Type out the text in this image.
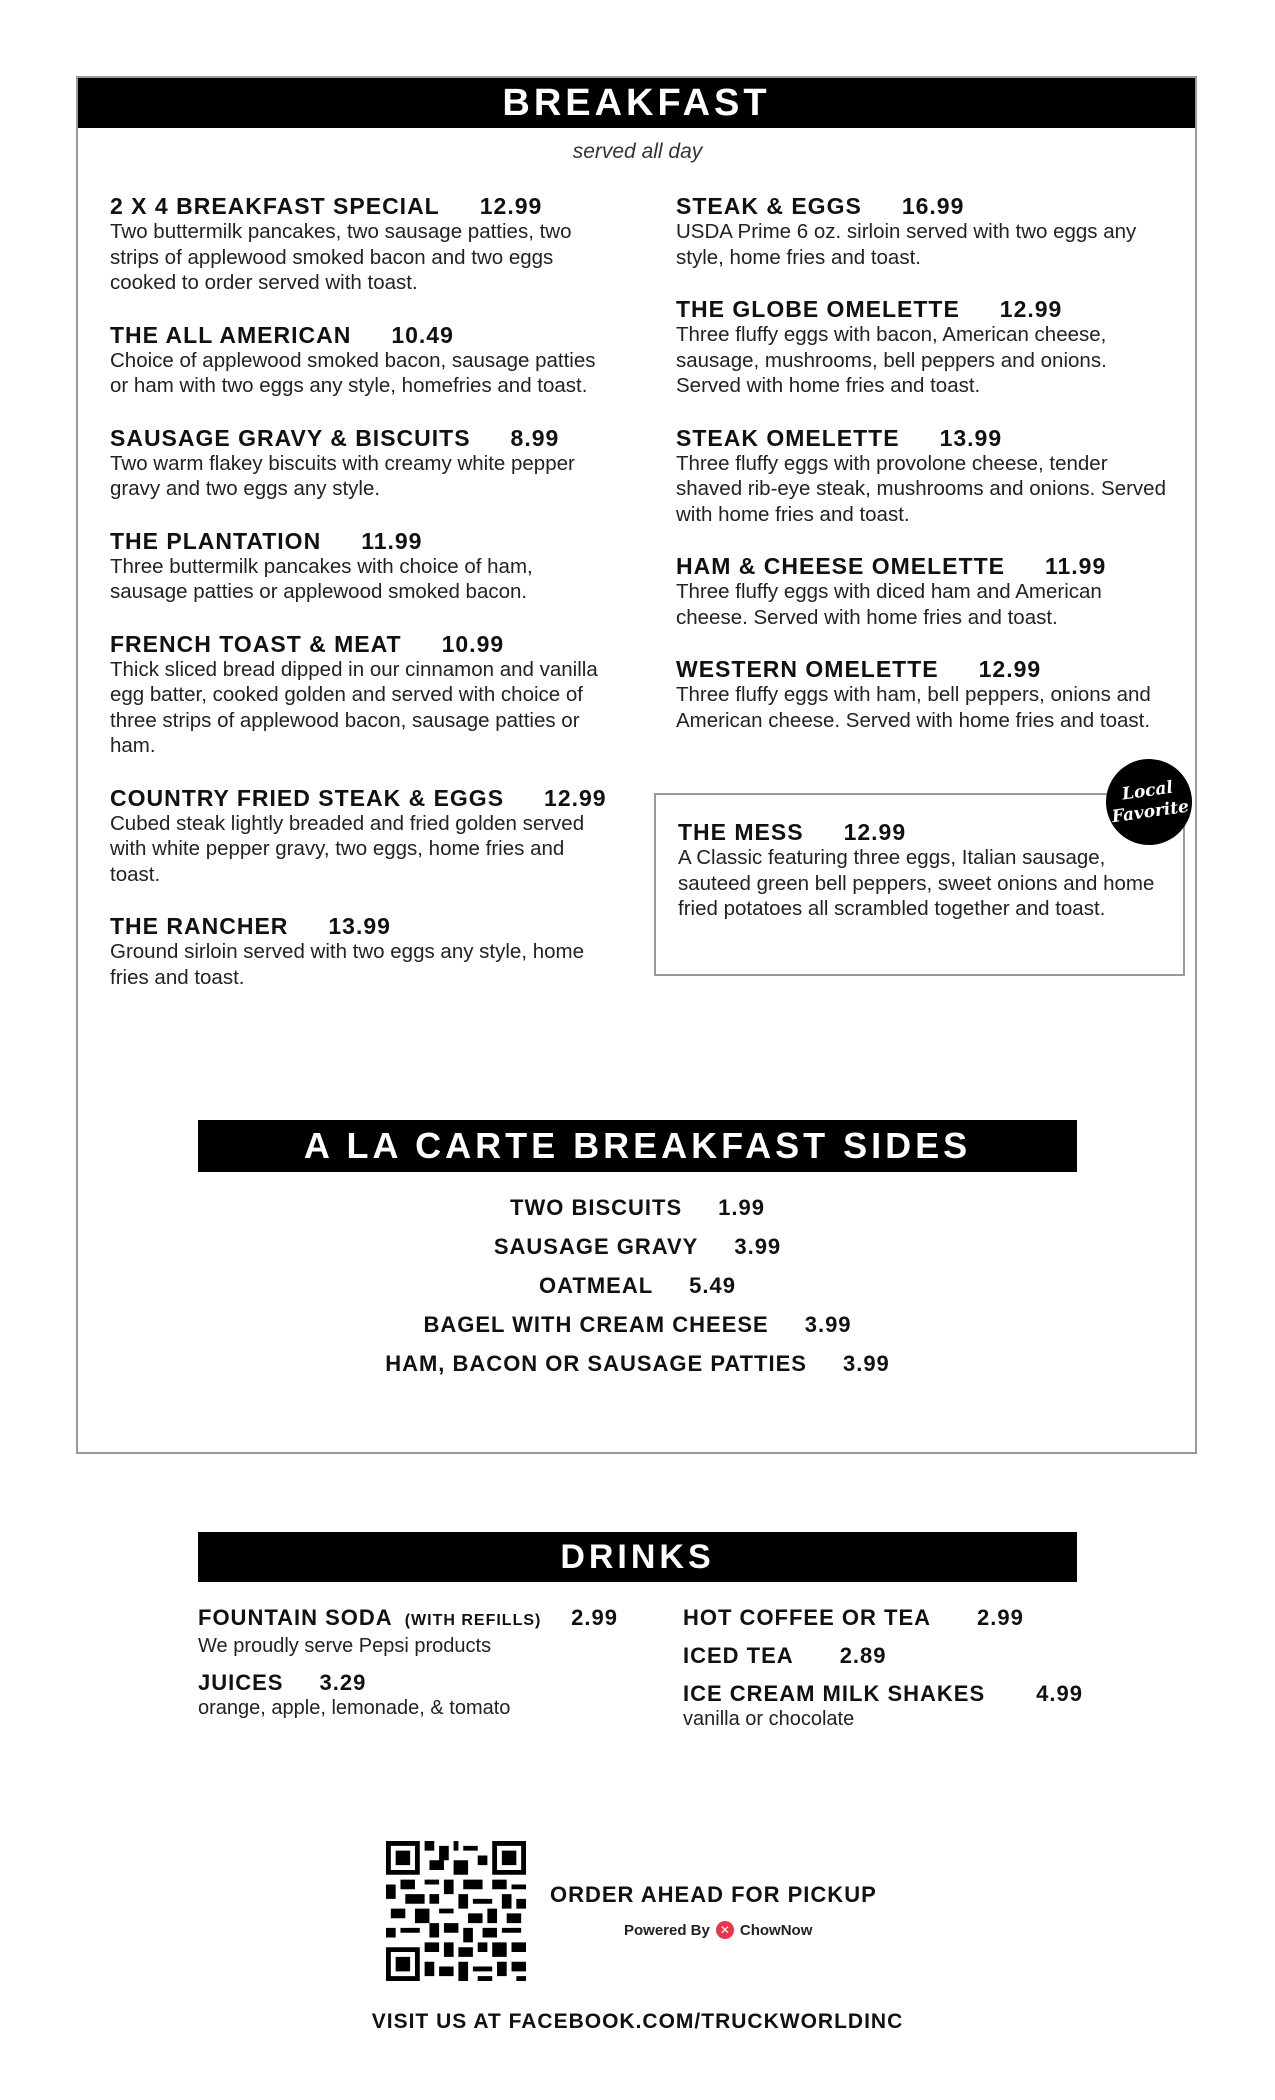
BREAKFAST
served all day
2 X 4 BREAKFAST SPECIAL 12.99
Two buttermilk pancakes, two sausage patties, two strips of applewood smoked bacon and two eggs cooked to order served with toast.
THE ALL AMERICAN 10.49
Choice of applewood smoked bacon, sausage patties or ham with two eggs any style, homefries and toast.
SAUSAGE GRAVY & BISCUITS 8.99
Two warm flakey biscuits with creamy white pepper gravy and two eggs any style.
THE PLANTATION 11.99
Three buttermilk pancakes with choice of ham, sausage patties or applewood smoked bacon.
FRENCH TOAST & MEAT 10.99
Thick sliced bread dipped in our cinnamon and vanilla egg batter, cooked golden and served with choice of three strips of applewood bacon, sausage patties or ham.
COUNTRY FRIED STEAK & EGGS 12.99
Cubed steak lightly breaded and fried golden served with white pepper gravy, two eggs, home fries and toast.
THE RANCHER 13.99
Ground sirloin served with two eggs any style, home fries and toast.
STEAK & EGGS 16.99
USDA Prime 6 oz. sirloin served with two eggs any style, home fries and toast.
THE GLOBE OMELETTE 12.99
Three fluffy eggs with bacon, American cheese, sausage, mushrooms, bell peppers and onions. Served with home fries and toast.
STEAK OMELETTE 13.99
Three fluffy eggs with provolone cheese, tender shaved rib-eye steak, mushrooms and onions. Served with home fries and toast.
HAM & CHEESE OMELETTE 11.99
Three fluffy eggs with diced ham and American cheese. Served with home fries and toast.
WESTERN OMELETTE 12.99
Three fluffy eggs with ham, bell peppers, onions and American cheese. Served with home fries and toast.
THE MESS 12.99
A Classic featuring three eggs, Italian sausage, sauteed green bell peppers, sweet onions and home fried potatoes all scrambled together and toast.
Local
Favorite
A LA CARTE BREAKFAST SIDES
TWO BISCUITS 1.99
SAUSAGE GRAVY 3.99
OATMEAL 5.49
BAGEL WITH CREAM CHEESE 3.99
HAM, BACON OR SAUSAGE PATTIES 3.99
DRINKS
FOUNTAIN SODA (WITH REFILLS) 2.99
We proudly serve Pepsi products
JUICES 3.29
orange, apple, lemonade, & tomato
HOT COFFEE OR TEA 2.99
ICED TEA 2.89
ICE CREAM MILK SHAKES 4.99
vanilla or chocolate
ORDER AHEAD FOR PICKUP
Powered By ✕ ChowNow
VISIT US AT FACEBOOK.COM/TRUCKWORLDINC
